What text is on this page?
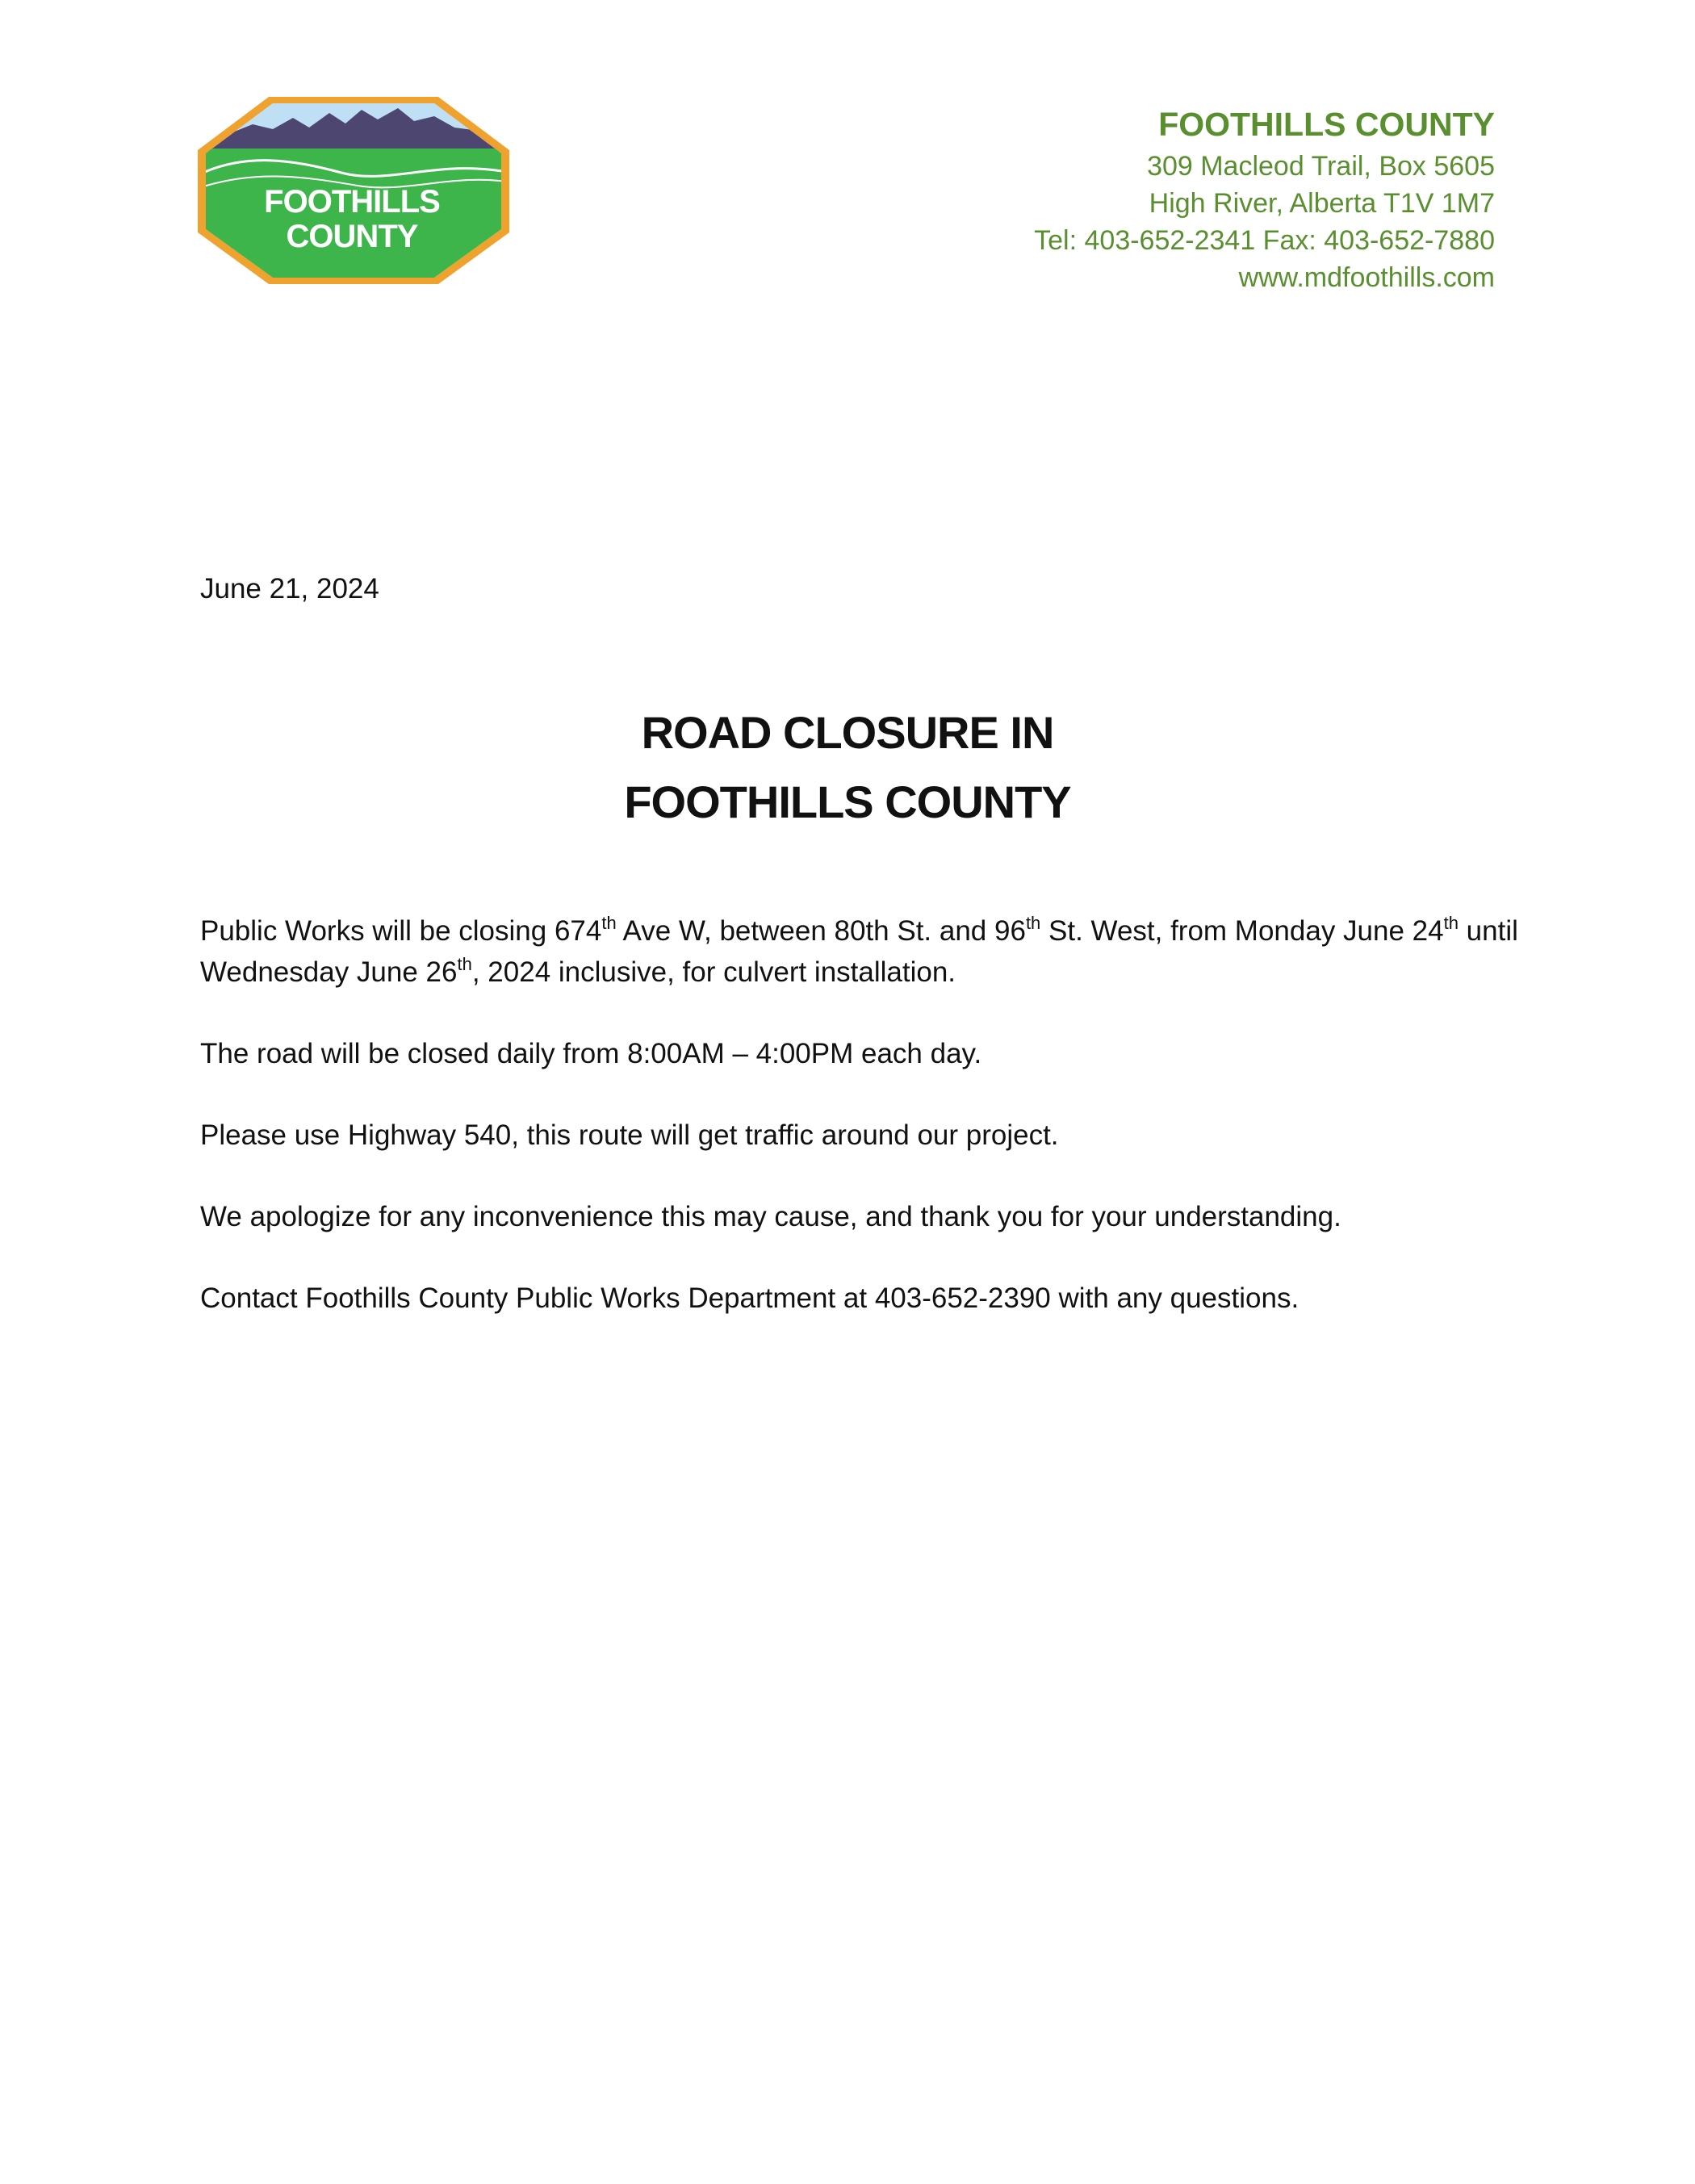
FOOTHILLS
COUNTY
FOOTHILLS COUNTY
309 Macleod Trail, Box 5605
High River, Alberta T1V 1M7
Tel: 403-652-2341 Fax: 403-652-7880
www.mdfoothills.com
June 21, 2024
ROAD CLOSURE IN
FOOTHILLS COUNTY

Public Works will be closing 674th Ave W, between 80th St. and 96th St. West, from Monday June 24th until Wednesday June 26th, 2024 inclusive, for culvert installation.

The road will be closed daily from 8:00AM – 4:00PM each day.

Please use Highway 540, this route will get traffic around our project.

We apologize for any inconvenience this may cause, and thank you for your understanding.

Contact Foothills County Public Works Department at 403-652-2390 with any questions.
